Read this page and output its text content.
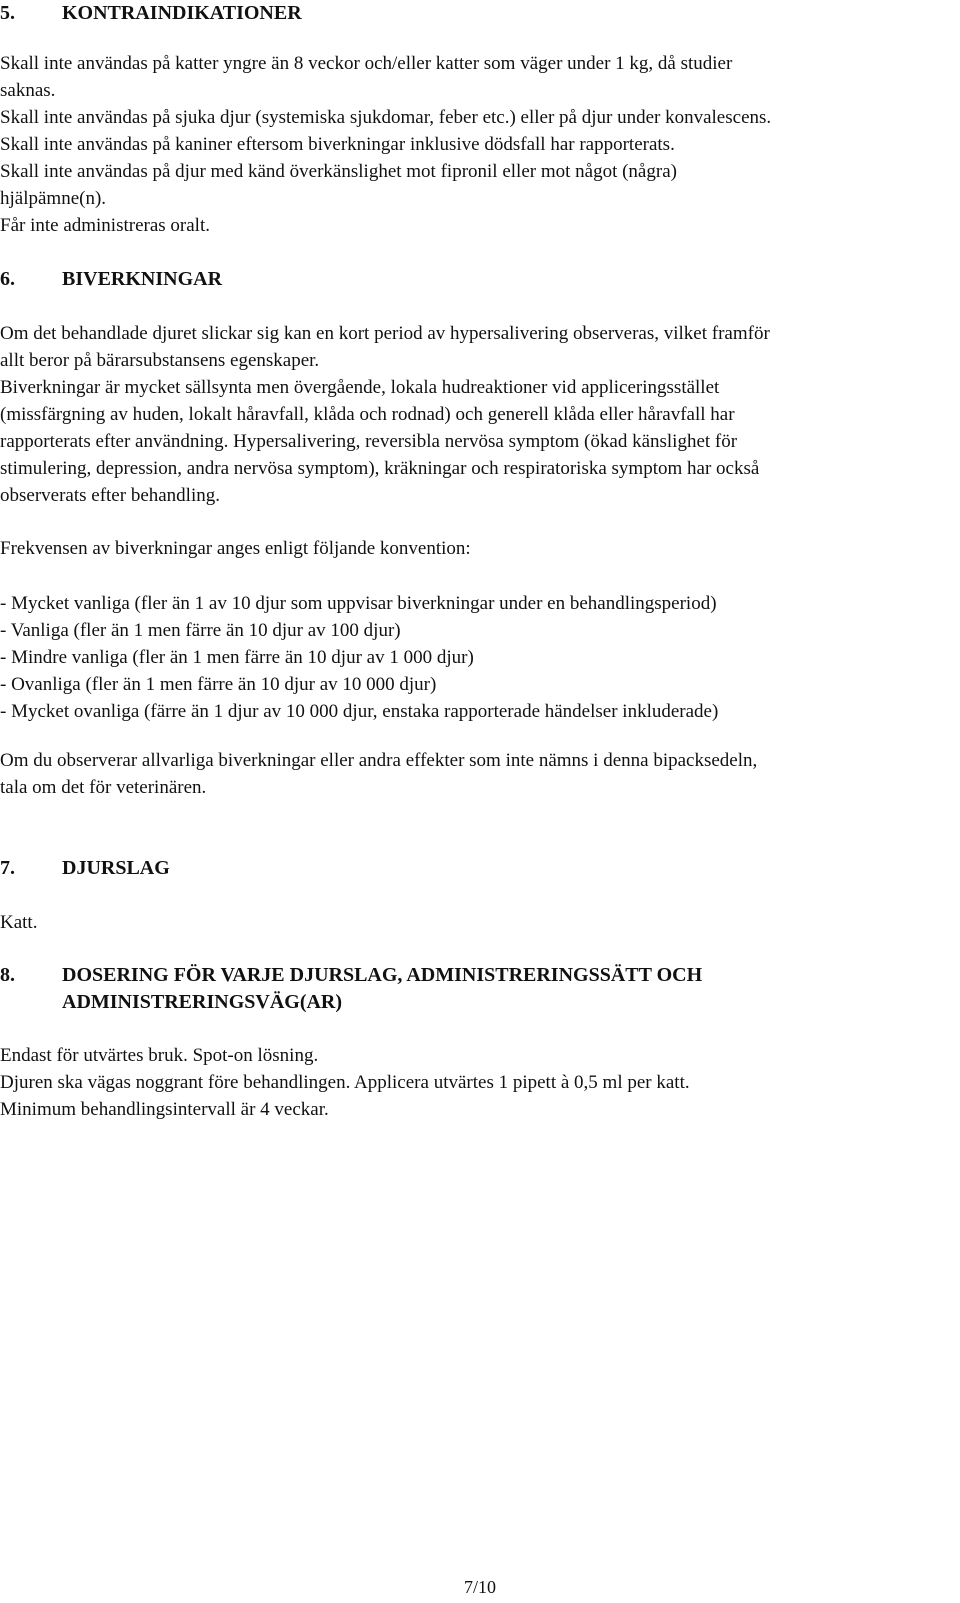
5. KONTRAINDIKATIONER
Skall inte användas på katter yngre än 8 veckor och/eller katter som väger under 1 kg, då studier
saknas.
Skall inte användas på sjuka djur (systemiska sjukdomar, feber etc.) eller på djur under konvalescens.
Skall inte användas på kaniner eftersom biverkningar inklusive dödsfall har rapporterats.
Skall inte användas på djur med känd överkänslighet mot fipronil eller mot något (några)
hjälpämne(n).
Får inte administreras oralt.
6. BIVERKNINGAR
Om det behandlade djuret slickar sig kan en kort period av hypersalivering observeras, vilket framför
allt beror på bärarsubstansens egenskaper.
Biverkningar är mycket sällsynta men övergående, lokala hudreaktioner vid appliceringsstället
(missfärgning av huden, lokalt håravfall, klåda och rodnad) och generell klåda eller håravfall har
rapporterats efter användning. Hypersalivering, reversibla nervösa symptom (ökad känslighet för
stimulering, depression, andra nervösa symptom), kräkningar och respiratoriska symptom har också
observerats efter behandling.
Frekvensen av biverkningar anges enligt följande konvention:
- Mycket vanliga (fler än 1 av 10 djur som uppvisar biverkningar under en behandlingsperiod)
- Vanliga (fler än 1 men färre än 10 djur av 100 djur)
- Mindre vanliga (fler än 1 men färre än 10 djur av 1 000 djur)
- Ovanliga (fler än 1 men färre än 10 djur av 10 000 djur)
- Mycket ovanliga (färre än 1 djur av 10 000 djur, enstaka rapporterade händelser inkluderade)
Om du observerar allvarliga biverkningar eller andra effekter som inte nämns i denna bipacksedeln,
tala om det för veterinären.
7. DJURSLAG
Katt.
8. DOSERING FÖR VARJE DJURSLAG, ADMINISTRERINGSSÄTT OCH
ADMINISTRERINGSVÄG(AR)
Endast för utvärtes bruk. Spot-on lösning.
Djuren ska vägas noggrant före behandlingen. Applicera utvärtes 1 pipett à 0,5 ml per katt.
Minimum behandlingsintervall är 4 veckar.
7/10
